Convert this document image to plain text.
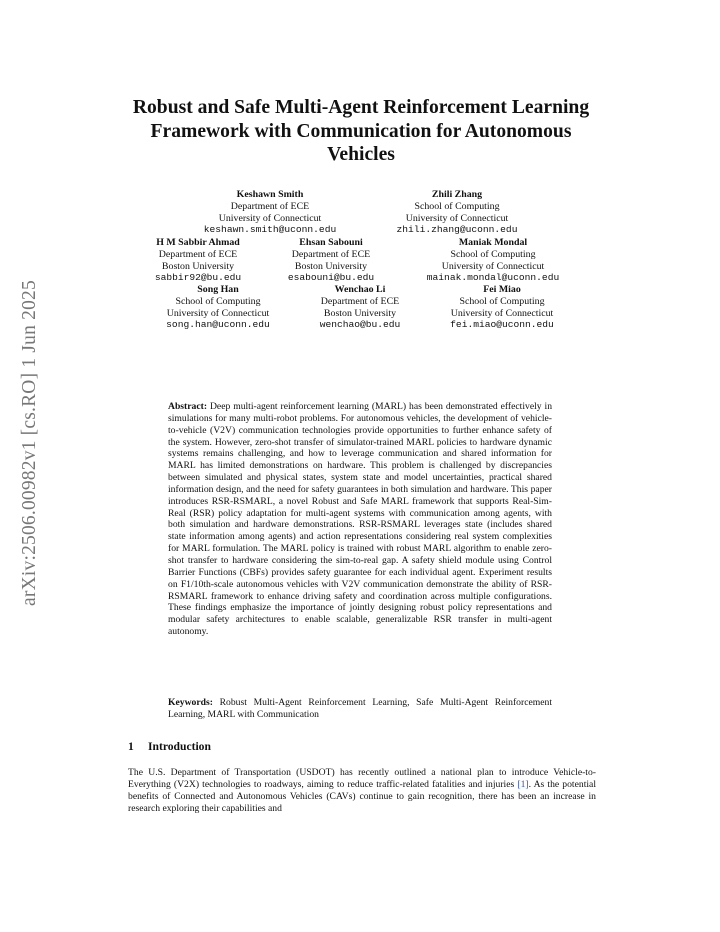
arXiv:2506.00982v1 [cs.RO] 1 Jun 2025
Robust and Safe Multi-Agent Reinforcement Learning Framework with Communication for Autonomous Vehicles
Keshawn Smith
Department of ECE
University of Connecticut
keshawn.smith@uconn.edu
Zhili Zhang
School of Computing
University of Connecticut
zhili.zhang@uconn.edu
H M Sabbir Ahmad
Department of ECE
Boston University
sabbir92@bu.edu
Ehsan Sabouni
Department of ECE
Boston University
esabouni@bu.edu
Maniak Mondal
School of Computing
University of Connecticut
mainak.mondal@uconn.edu
Song Han
School of Computing
University of Connecticut
song.han@uconn.edu
Wenchao Li
Department of ECE
Boston University
wenchao@bu.edu
Fei Miao
School of Computing
University of Connecticut
fei.miao@uconn.edu

Abstract: Deep multi-agent reinforcement learning (MARL) has been demonstrated effectively in simulations for many multi-robot problems. For autonomous vehicles, the development of vehicle-to-vehicle (V2V) communication technologies provide opportunities to further enhance safety of the system. However, zero-shot transfer of simulator-trained MARL policies to hardware dynamic systems remains challenging, and how to leverage communication and shared information for MARL has limited demonstrations on hardware. This problem is challenged by discrepancies between simulated and physical states, system state and model uncertainties, practical shared information design, and the need for safety guarantees in both simulation and hardware. This paper introduces RSR-RSMARL, a novel Robust and Safe MARL framework that supports Real-Sim-Real (RSR) policy adaptation for multi-agent systems with communication among agents, with both simulation and hardware demonstrations. RSR-RSMARL leverages state (includes shared state information among agents) and action representations considering real system complexities for MARL formulation. The MARL policy is trained with robust MARL algorithm to enable zero-shot transfer to hardware considering the sim-to-real gap. A safety shield module using Control Barrier Functions (CBFs) provides safety guarantee for each individual agent. Experiment results on F1/10th-scale autonomous vehicles with V2V communication demonstrate the ability of RSR-RSMARL framework to enhance driving safety and coordination across multiple configurations. These findings emphasize the importance of jointly designing robust policy representations and modular safety architectures to enable scalable, generalizable RSR transfer in multi-agent autonomy.

Keywords: Robust Multi-Agent Reinforcement Learning, Safe Multi-Agent Reinforcement Learning, MARL with Communication

1 Introduction

The U.S. Department of Transportation (USDOT) has recently outlined a national plan to introduce Vehicle-to-Everything (V2X) technologies to roadways, aiming to reduce traffic-related fatalities and injuries [1]. As the potential benefits of Connected and Autonomous Vehicles (CAVs) continue to gain recognition, there has been an increase in research exploring their capabilities and
